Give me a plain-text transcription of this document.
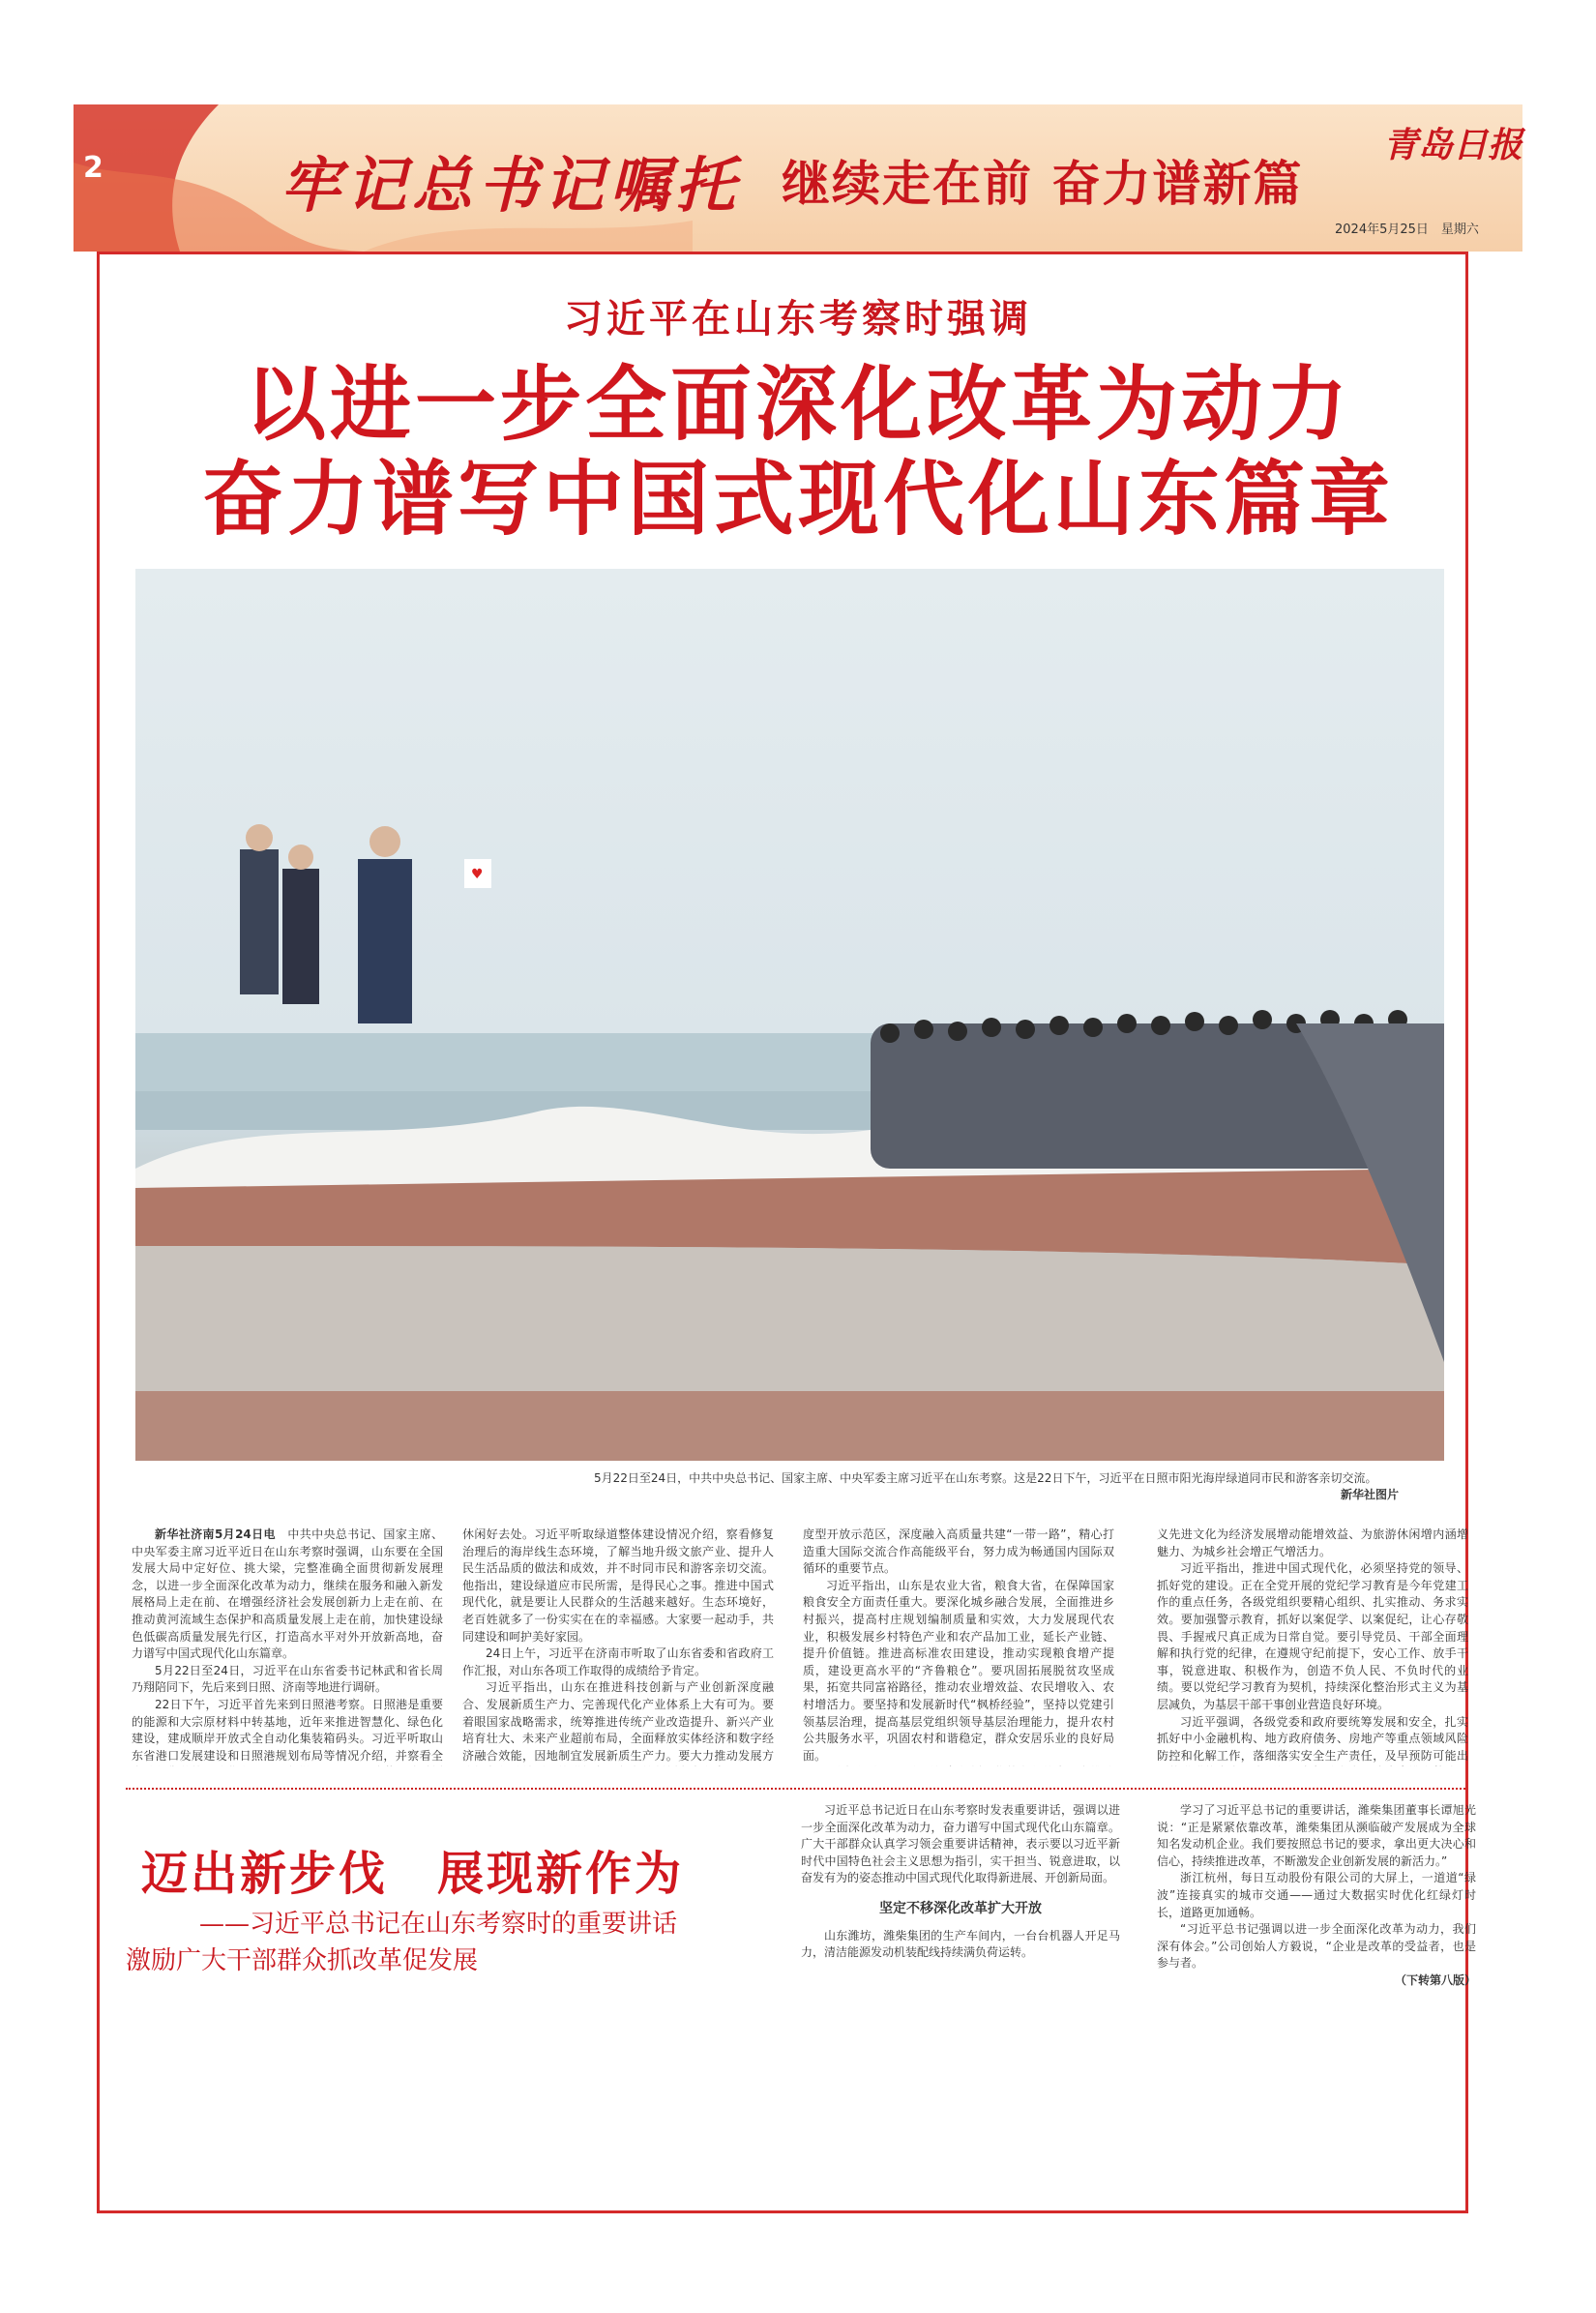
2	牢记总书记嘱托 继续走在前 奋力谱新篇
青岛日报
2024年5月25日　星期六
习近平在山东考察时强调
以进一步全面深化改革为动力
奋力谱写中国式现代化山东篇章
♥
5月22日至24日，中共中央总书记、国家主席、中央军委主席习近平在山东考察。这是22日下午，习近平在日照市阳光海岸绿道同市民和游客亲切交流。
新华社图片

新华社济南5月24日电　中共中央总书记、国家主席、中央军委主席习近平近日在山东考察时强调，山东要在全国发展大局中定好位、挑大梁，完整准确全面贯彻新发展理念，以进一步全面深化改革为动力，继续在服务和融入新发展格局上走在前、在增强经济社会发展创新力上走在前、在推动黄河流域生态保护和高质量发展上走在前，加快建设绿色低碳高质量发展先行区，打造高水平对外开放新高地，奋力谱写中国式现代化山东篇章。

5月22日至24日，习近平在山东省委书记林武和省长周乃翔陪同下，先后来到日照、济南等地进行调研。

22日下午，习近平首先来到日照港考察。日照港是重要的能源和大宗原材料中转基地，近年来推进智慧化、绿色化建设，建成顺岸开放式全自动化集装箱码头。习近平听取山东省港口发展建设和日照港规划布局等情况介绍，并察看全

休闲好去处。习近平听取绿道整体建设情况介绍，察看修复治理后的海岸线生态环境，了解当地升级文旅产业、提升人民生活品质的做法和成效，并不时同市民和游客亲切交流。他指出，建设绿道应市民所需，是得民心之事。推进中国式现代化，就是要让人民群众的生活越来越好。生态环境好，老百姓就多了一份实实在在的幸福感。大家要一起动手，共同建设和呵护美好家园。

24日上午，习近平在济南市听取了山东省委和省政府工作汇报，对山东各项工作取得的成绩给予肯定。

习近平指出，山东在推进科技创新与产业创新深度融合、发展新质生产力、完善现代化产业体系上大有可为。要着眼国家战略需求，统筹推进传统产业改造提升、新兴产业培育壮大、未来产业超前布局，全面释放实体经济和数字经济融合效能，因地制宜发展新质生产力。要大力推动发展方

度型开放示范区，深度融入高质量共建“一带一路”，精心打造重大国际交流合作高能级平台，努力成为畅通国内国际双循环的重要节点。

习近平指出，山东是农业大省，粮食大省，在保障国家粮食安全方面责任重大。要深化城乡融合发展，全面推进乡村振兴，提高村庄规划编制质量和实效，大力发展现代农业，积极发展乡村特色产业和农产品加工业，延长产业链、提升价值链。推进高标准农田建设，推动实现粮食增产提质，建设更高水平的“齐鲁粮仓”。要巩固拓展脱贫攻坚成果，拓宽共同富裕路径，推动农业增效益、农民增收入、农村增活力。要坚持和发展新时代“枫桥经验”，坚持以党建引领基层治理，提高基层党组织领导基层治理能力，提升农村公共服务水平，巩固农村和谐稳定，群众安居乐业的良好局面。

义先进文化为经济发展增动能增效益、为旅游休闲增内涵增魅力、为城乡社会增正气增活力。

习近平指出，推进中国式现代化，必须坚持党的领导、抓好党的建设。正在全党开展的党纪学习教育是今年党建工作的重点任务，各级党组织要精心组织、扎实推动、务求实效。要加强警示教育，抓好以案促学、以案促纪，让心存敬畏、手握戒尺真正成为日常自觉。要引导党员、干部全面理解和执行党的纪律，在遵规守纪前提下，安心工作、放手干事，锐意进取、积极作为，创造不负人民、不负时代的业绩。要以党纪学习教育为契机，持续深化整治形式主义为基层减负，为基层干部干事创业营造良好环境。

习近平强调，各级党委和政府要统筹发展和安全，扎实抓好中小金融机构、地方政府债务、房地产等重点领域风险防控和化解工作，落细落实安全生产责任，及早预防可能出

迈出新步伐　展现新作为
——习近平总书记在山东考察时的重要讲话
激励广大干部群众抓改革促发展

习近平总书记近日在山东考察时发表重要讲话，强调以进一步全面深化改革为动力，奋力谱写中国式现代化山东篇章。广大干部群众认真学习领会重要讲话精神，表示要以习近平新时代中国特色社会主义思想为指引，实干担当、锐意进取，以奋发有为的姿态推动中国式现代化取得新进展、开创新局面。

坚定不移深化改革扩大开放

山东潍坊，潍柴集团的生产车间内，一台台机器人开足马力，清洁能源发动机装配线持续满负荷运转。

学习了习近平总书记的重要讲话，潍柴集团董事长谭旭光说：“正是紧紧依靠改革，潍柴集团从濒临破产发展成为全球知名发动机企业。我们要按照总书记的要求，拿出更大决心和信心，持续推进改革，不断激发企业创新发展的新活力。”

浙江杭州，每日互动股份有限公司的大屏上，一道道“绿波”连接真实的城市交通——通过大数据实时优化红绿灯时长，道路更加通畅。

“习近平总书记强调以进一步全面深化改革为动力，我们深有体会。”公司创始人方毅说，“企业是改革的受益者，也是参与者。

（下转第八版）
